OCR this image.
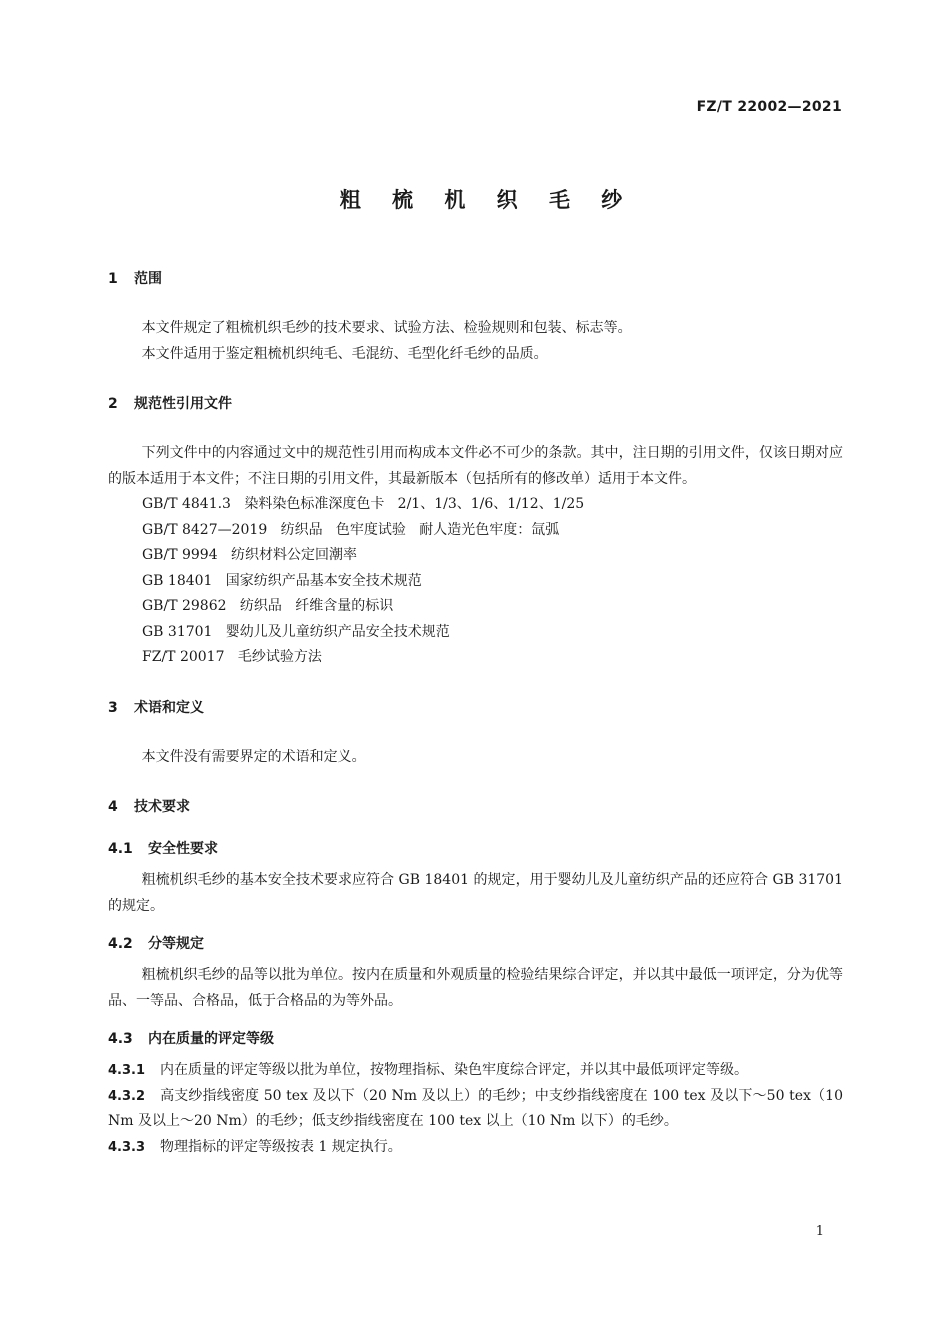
FZ/T 22002—2021
粗 梳 机 织 毛 纱
1 范围
本文件规定了粗梳机织毛纱的技术要求、试验方法、检验规则和包装、标志等。
本文件适用于鉴定粗梳机织纯毛、毛混纺、毛型化纤毛纱的品质。
2 规范性引用文件
下列文件中的内容通过文中的规范性引用而构成本文件必不可少的条款。其中，注日期的引用文件，仅该日期对应的版本适用于本文件；不注日期的引用文件，其最新版本（包括所有的修改单）适用于本文件。
GB/T 4841.3   染料染色标准深度色卡   2/1、1/3、1/6、1/12、1/25
GB/T 8427—2019   纺织品   色牢度试验   耐人造光色牢度：氙弧
GB/T 9994   纺织材料公定回潮率
GB 18401   国家纺织产品基本安全技术规范
GB/T 29862   纺织品   纤维含量的标识
GB 31701   婴幼儿及儿童纺织产品安全技术规范
FZ/T 20017   毛纱试验方法
3 术语和定义
本文件没有需要界定的术语和定义。
4 技术要求
4.1 安全性要求
粗梳机织毛纱的基本安全技术要求应符合 GB 18401 的规定，用于婴幼儿及儿童纺织产品的还应符合 GB 31701 的规定。
4.2 分等规定
粗梳机织毛纱的品等以批为单位。按内在质量和外观质量的检验结果综合评定，并以其中最低一项评定，分为优等品、一等品、合格品，低于合格品的为等外品。
4.3 内在质量的评定等级
4.3.1 内在质量的评定等级以批为单位，按物理指标、染色牢度综合评定，并以其中最低项评定等级。
4.3.2 高支纱指线密度 50 tex 及以下（20 Nm 及以上）的毛纱；中支纱指线密度在 100 tex 及以下～50 tex（10 Nm 及以上～20 Nm）的毛纱；低支纱指线密度在 100 tex 以上（10 Nm 以下）的毛纱。
4.3.3 物理指标的评定等级按表 1 规定执行。
1
